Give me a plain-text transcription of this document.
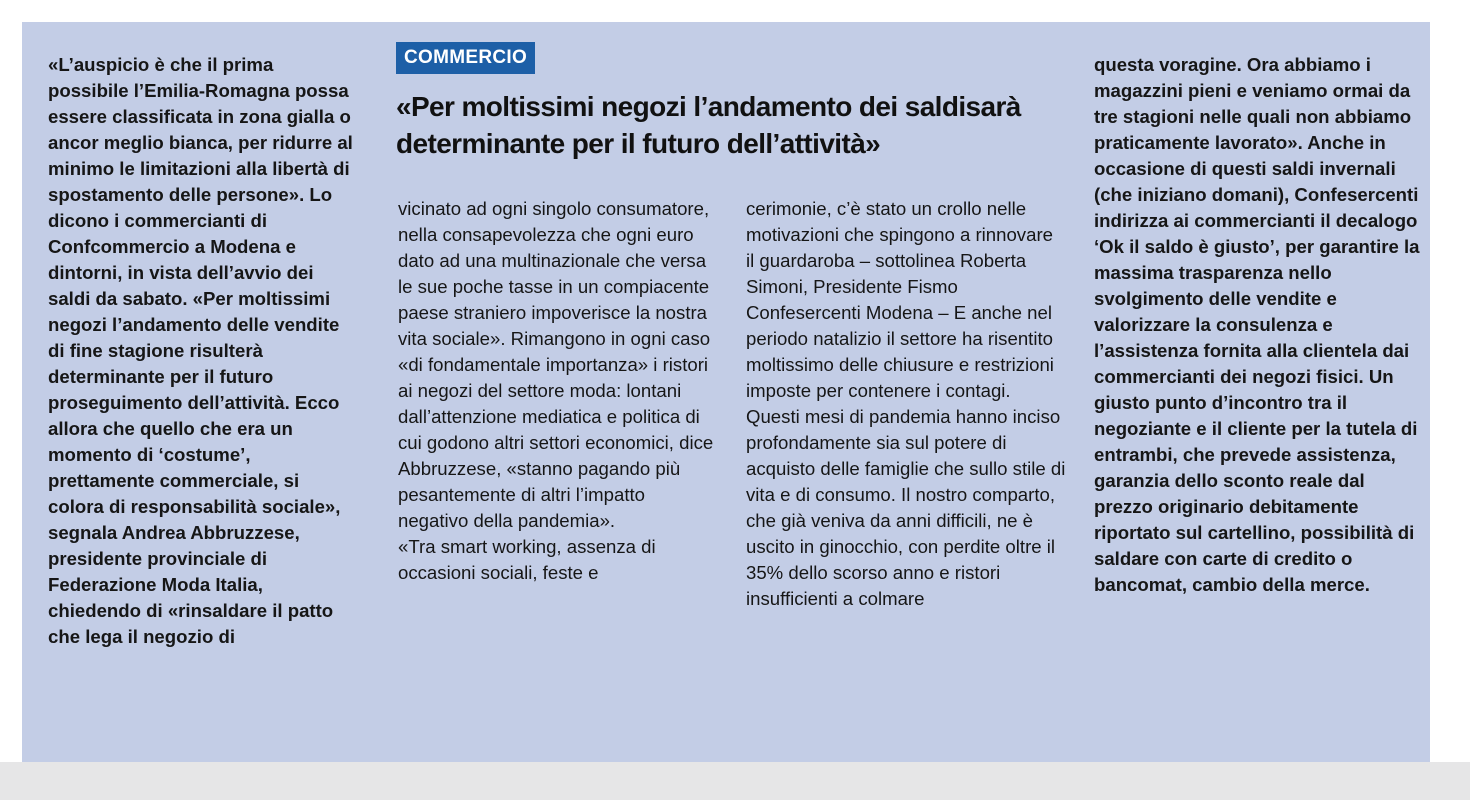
«L’auspicio è che il prima possibile l’Emilia-Romagna possa essere classificata in zona gialla o ancor meglio bianca, per ridurre al minimo le limitazioni alla libertà di spostamento delle persone». Lo dicono i commercianti di Confcommercio a Modena e dintorni, in vista dell’avvio dei saldi da sabato. «Per moltissimi negozi l’andamento delle vendite di fine stagione risulterà determinante per il futuro proseguimento dell’attività. Ecco allora che quello che era un momento di ‘costume’, prettamente commerciale, si colora di responsabilità sociale», segnala Andrea Abbruzzese, presidente provinciale di Federazione Moda Italia, chiedendo di «rinsaldare il patto che lega il negozio di

COMMERCIO
«Per moltissimi negozi l’andamento dei saldisarà determinante per il futuro dell’attività»
vicinato ad ogni singolo consumatore, nella consapevolezza che ogni euro dato ad una multinazionale che versa le sue poche tasse in un compiacente paese straniero impoverisce la nostra vita sociale». Rimangono in ogni caso «di fondamentale importanza» i ristori ai negozi del settore moda: lontani dall’attenzione mediatica e politica di cui godono altri settori economici, dice Abbruzzese, «stanno pagando più pesantemente di altri l’impatto negativo della pandemia».
«Tra smart working, assenza di occasioni sociali, feste e

cerimonie, c’è stato un crollo nelle motivazioni che spingono a rinnovare il guardaroba – sottolinea Roberta Simoni, Presidente Fismo Confesercenti Modena – E anche nel periodo natalizio il settore ha risentito moltissimo delle chiusure e restrizioni imposte per contenere i contagi. Questi mesi di pandemia hanno inciso profondamente sia sul potere di acquisto delle famiglie che sullo stile di vita e di consumo. Il nostro comparto, che già veniva da anni difficili, ne è uscito in ginocchio, con perdite oltre il 35% dello scorso anno e ristori insufficienti a colmare

questa voragine. Ora abbiamo i magazzini pieni e veniamo ormai da tre stagioni nelle quali non abbiamo praticamente lavorato». Anche in occasione di questi saldi invernali (che iniziano domani), Confesercenti indirizza ai commercianti il decalogo ‘Ok il saldo è giusto’, per garantire la massima trasparenza nello svolgimento delle vendite e valorizzare la consulenza e l’assistenza fornita alla clientela dai commercianti dei negozi fisici. Un giusto punto d’incontro tra il negoziante e il cliente per la tutela di entrambi, che prevede assistenza, garanzia dello sconto reale dal prezzo originario debitamente riportato sul cartellino, possibilità di saldare con carte di credito o bancomat, cambio della merce.
